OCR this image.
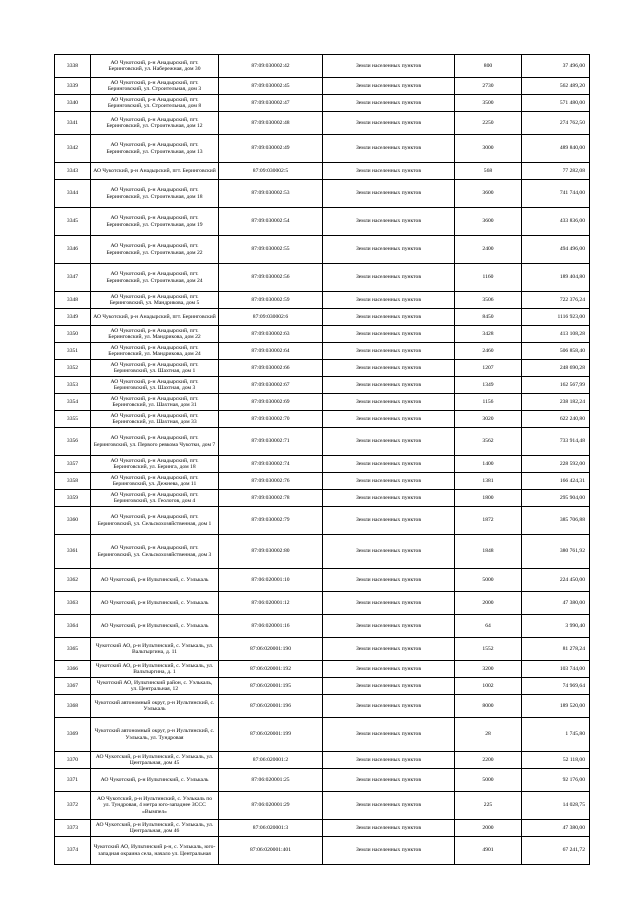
3338	АО Чукотский, р-н Анадырский, пгт. Беринговский, ул. Набережная, дом 30	87:09:030002:42	Земли населенных пунктов	800	37 496,00
3339	АО Чукотский, р-н Анадырский, пгт. Беринговский, ул. Строительная, дом 3	87:09:030002:45	Земли населенных пунктов	2730	562 489,20
3340	АО Чукотский, р-н Анадырский, пгт. Беринговский, ул. Строительная, дом 8	87:09:030002:47	Земли населенных пунктов	3500	571 480,00
3341	АО Чукотский, р-н Анадырский, пгт. Беринговский, ул. Строительная, дом 12	87:09:030002:48	Земли населенных пунктов	2250	274 762,50
3342	АО Чукотский, р-н Анадырский, пгт. Беринговский, ул. Строительная, дом 13	87:09:030002:49	Земли населенных пунктов	3000	489 840,00
3343	АО Чукотский, р-н Анадырский, пгт. Беринговский	87:09:030002:5	Земли населенных пунктов	568	77 282,08
3344	АО Чукотский, р-н Анадырский, пгт. Беринговский, ул. Строительная, дом 18	87:09:030002:53	Земли населенных пунктов	3600	741 744,00
3345	АО Чукотский, р-н Анадырский, пгт. Беринговский, ул. Строительная, дом 19	87:09:030002:54	Земли населенных пунктов	3600	433 836,00
3346	АО Чукотский, р-н Анадырский, пгт. Беринговский, ул. Строительная, дом 22	87:09:030002:55	Земли населенных пунктов	2400	494 496,00
3347	АО Чукотский, р-н Анадырский, пгт. Беринговский, ул. Строительная, дом 24	87:09:030002:56	Земли населенных пунктов	1160	189 404,80
3348	АО Чукотский, р-н Анадырский, пгт. Беринговский, ул. Мандрикова, дом 5	87:09:030002:59	Земли населенных пунктов	3506	722 376,24
3349	АО Чукотский, р-н Анадырский, пгт. Беринговский	87:09:030002:6	Земли населенных пунктов	8450	1116 923,00
3350	АО Чукотский, р-н Анадырский, пгт. Беринговский, ул. Мандрикова, дом 22	87:09:030002:63	Земли населенных пунктов	3428	413 108,28
3351	АО Чукотский, р-н Анадырский, пгт. Беринговский, ул. Мандрикова, дом 24	87:09:030002:64	Земли населенных пунктов	2460	506 858,40
3352	АО Чукотский, р-н Анадырский, пгт. Беринговский, ул. Шахтная, дом 1	87:09:030002:66	Земли населенных пунктов	1207	248 690,28
3353	АО Чукотский, р-н Анадырский, пгт. Беринговский, ул. Шахтная, дом 3	87:09:030002:67	Земли населенных пунктов	1349	162 567,99
3354	АО Чукотский, р-н Анадырский, пгт. Беринговский, ул. Шахтная, дом 31	87:09:030002:69	Земли населенных пунктов	1156	238 182,24
3355	АО Чукотский, р-н Анадырский, пгт. Беринговский, ул. Шахтная, дом 33	87:09:030002:70	Земли населенных пунктов	3020	622 240,80
3356	АО Чукотский, р-н Анадырский, пгт. Беринговский, ул. Первого ревкома Чукотки, дом 7	87:09:030002:71	Земли населенных пунктов	3562	733 914,48
3357	АО Чукотский, р-н Анадырский, пгт. Беринговский, ул. Беринга, дом 18	87:09:030002:74	Земли населенных пунктов	1400	228 592,00
3358	АО Чукотский, р-н Анадырский, пгт. Беринговский, ул. Дежнева, дом 11	87:09:030002:76	Земли населенных пунктов	1381	166 424,31
3359	АО Чукотский, р-н Анадырский, пгт. Беринговский, ул. Геологов, дом 4	87:09:030002:78	Земли населенных пунктов	1800	295 904,00
3360	АО Чукотский, р-н Анадырский, пгт. Беринговский, ул. Сельскохозяйственная, дом 1	87:09:030002:79	Земли населенных пунктов	1872	385 706,88
3361	АО Чукотский, р-н Анадырский, пгт. Беринговский, ул. Сельскохозяйственная, дом 3	87:09:030002:80	Земли населенных пунктов	1848	380 761,92
3362	АО Чукотский, р-н Иультинский, с. Уэлькаль	87:06:020001:10	Земли населенных пунктов	5000	224 450,00
3363	АО Чукотский, р-н Иультинский, с. Уэлькаль	87:06:020001:12	Земли населенных пунктов	2000	47 380,00
3364	АО Чукотский, р-н Иультинский, с. Уэлькаль	87:06:020001:16	Земли населенных пунктов	64	3 990,40
3365	Чукотский АО, р-н Иультинский, с. Уэлькаль, ул. Вальтыргина, д. 11	87:06:020001:190	Земли населенных пунктов	1552	81 278,24
3366	Чукотский АО, р-н Иультинский, с. Уэлькаль, ул. Вальтыргина, д. 1	87:06:020001:192	Земли населенных пунктов	3200	103 744,00
3367	Чукотский АО, Иультинский район, с. Уэлькаль, ул. Центральная, 12	87:06:020001:195	Земли населенных пунктов	1002	74 969,64
3368	Чукотский автономный округ, р-н Иультинский, с. Уэлькаль	87:06:020001:196	Земли населенных пунктов	8000	189 520,00
3369	Чукотский автономный округ, р-н Иультинский, с. Уэлькаль, ул. Тундровая	87:06:020001:199	Земли населенных пунктов	28	1 745,80
3370	АО Чукотский, р-н Иультинский, с. Уэлькаль, ул. Центральная, дом 45	87:06:020001:2	Земли населенных пунктов	2200	52 118,00
3371	АО Чукотский, р-н Иультинский, с. Уэлькаль	87:06:020001:25	Земли населенных пунктов	5000	92 176,00
3372	АО Чукотский, р-н Иультинский, с. Уэлькаль по ул. Тундровая, 4 метра юго-западнее ЗССС «Вымпел»	87:06:020001:29	Земли населенных пунктов	225	14 028,75
3373	АО Чукотский, р-н Иультинский, с. Уэлькаль, ул. Центральная, дом 46	87:06:020001:3	Земли населенных пунктов	2000	47 380,00
3374	Чукотский АО, Иультинский р-н, с. Уэлькаль, юго-западная окраина села, начало ул. Центральная	87:06:020001:401	Земли населенных пунктов	4901	67 241,72
